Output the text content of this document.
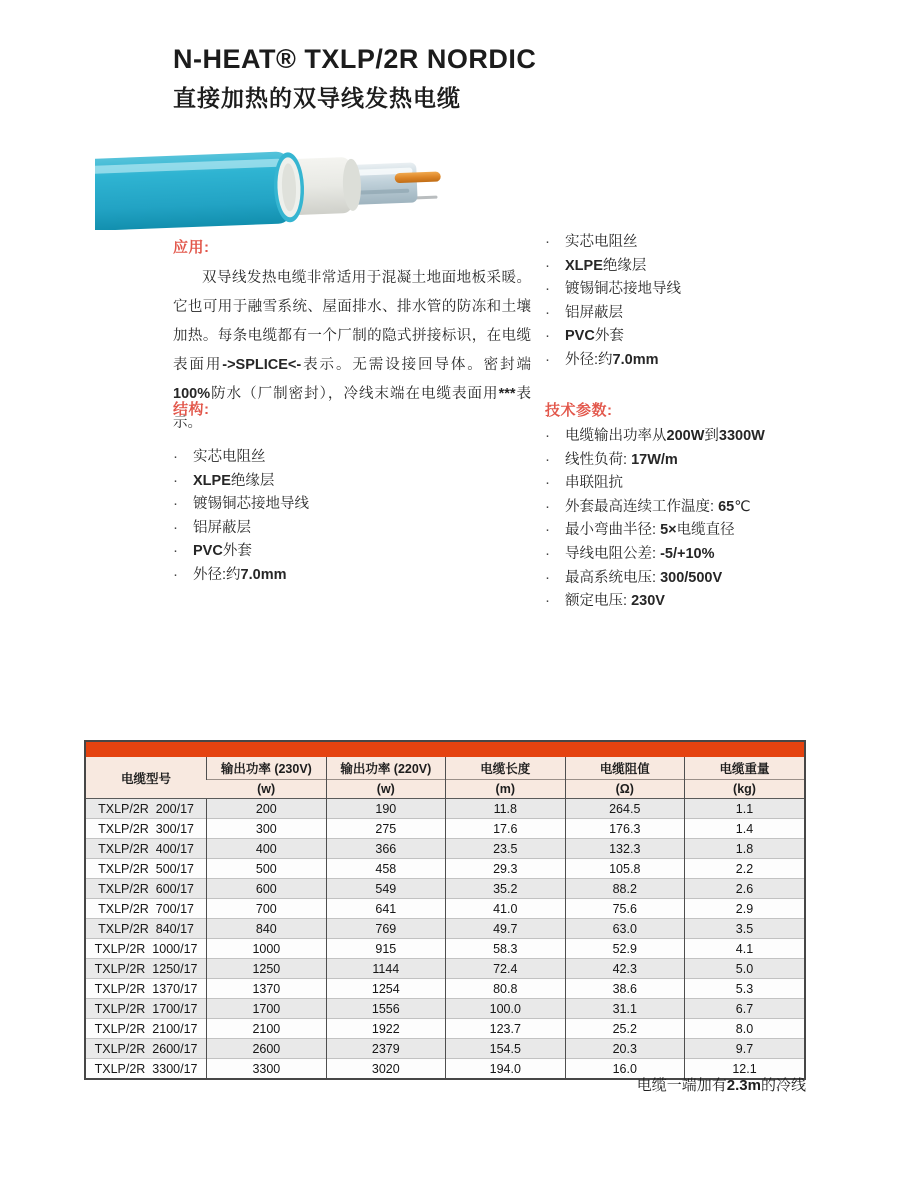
N-HEAT® TXLP/2R NORDIC
直接加热的双导线发热电缆
应用:
双导线发热电缆非常适用于混凝土地面地板采暖。它也可用于融雪系统、屋面排水、排水管的防冻和土壤加热。每条电缆都有一个厂制的隐式拼接标识，在电缆表面用->SPLICE<-表示。无需设接回导体。密封端100%防水（厂制密封），冷线末端在电缆表面用***表示。
·	实芯电阻丝
·	XLPE绝缘层
·	镀锡铜芯接地导线
·	铝屏蔽层
·	PVC外套
·	外径:约7.0mm
结构:
·	实芯电阻丝
·	XLPE绝缘层
·	镀锡铜芯接地导线
·	铝屏蔽层
·	PVC外套
·	外径:约7.0mm
技术参数:
·	电缆输出功率从200W到3300W
·	线性负荷: 17W/m
·	串联阻抗
·	外套最高连续工作温度: 65℃
·	最小弯曲半径: 5×电缆直径
·	导线电阻公差: -5/+10%
·	最高系统电压: 300/500V
·	额定电压: 230V
电缆型号	输出功率 (230V)	输出功率 (220V)	电缆长度	电缆阻值	电缆重量
	(w)	(w)	(m)	(Ω)	(kg)
TXLP/2R  200/17	200	190	11.8	264.5	1.1
TXLP/2R  300/17	300	275	17.6	176.3	1.4
TXLP/2R  400/17	400	366	23.5	132.3	1.8
TXLP/2R  500/17	500	458	29.3	105.8	2.2
TXLP/2R  600/17	600	549	35.2	88.2	2.6
TXLP/2R  700/17	700	641	41.0	75.6	2.9
TXLP/2R  840/17	840	769	49.7	63.0	3.5
TXLP/2R  1000/17	1000	915	58.3	52.9	4.1
TXLP/2R  1250/17	1250	1144	72.4	42.3	5.0
TXLP/2R  1370/17	1370	1254	80.8	38.6	5.3
TXLP/2R  1700/17	1700	1556	100.0	31.1	6.7
TXLP/2R  2100/17	2100	1922	123.7	25.2	8.0
TXLP/2R  2600/17	2600	2379	154.5	20.3	9.7
TXLP/2R  3300/17	3300	3020	194.0	16.0	12.1
电缆一端加有2.3m的冷线
